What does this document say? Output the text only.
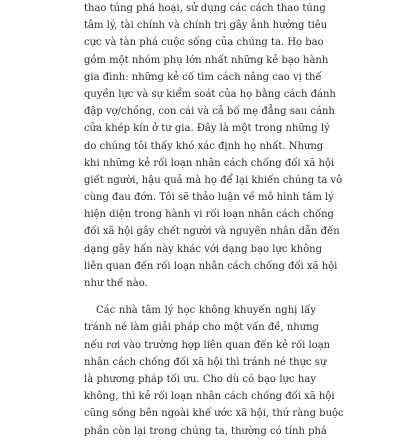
thao túng phá hoại, sử dụng các cách thao túng
tâm lý, tài chính và chính trị gây ảnh hưởng tiêu
cực và tàn phá cuộc sống của chúng ta. Họ bao
gồm một nhóm phụ lớn nhất những kẻ bạo hành
gia đình: những kẻ cố tìm cách nâng cao vị thế
quyền lực và sự kiểm soát của họ bằng cách đánh
đập vợ/chồng, con cái và cả bố mẹ đẳng sau cánh
cửa khép kín ở tư gia. Đây là một trong những lý
do chúng tôi thấy khó xác định họ nhất. Nhưng
khi những kẻ rối loạn nhân cách chống đối xã hội
giết người, hậu quả mà họ để lại khiến chúng ta vô
cùng đau đớn. Tôi sẽ thảo luận về mô hình tâm lý
hiện diện trong hành vi rối loạn nhân cách chống
đối xã hội gây chết người và nguyên nhân dẫn đến
dạng gây hấn này khác với dạng bạo lực không
liên quan đến rối loạn nhân cách chống đối xã hội
như thế nào.
Các nhà tâm lý học không khuyến nghị lấy
tránh né làm giải pháp cho một vấn đề, nhưng
nếu rơi vào trường hợp liên quan đến kẻ rối loạn
nhân cách chống đối xã hội thì tránh né thực sự
là phương pháp tối ưu. Cho dù có bạo lực hay
không, thì kẻ rối loạn nhân cách chống đối xã hội
cũng sống bên ngoài khế ước xã hội, thứ ràng buộc
phần còn lại trong chúng ta, thường có tính phá
